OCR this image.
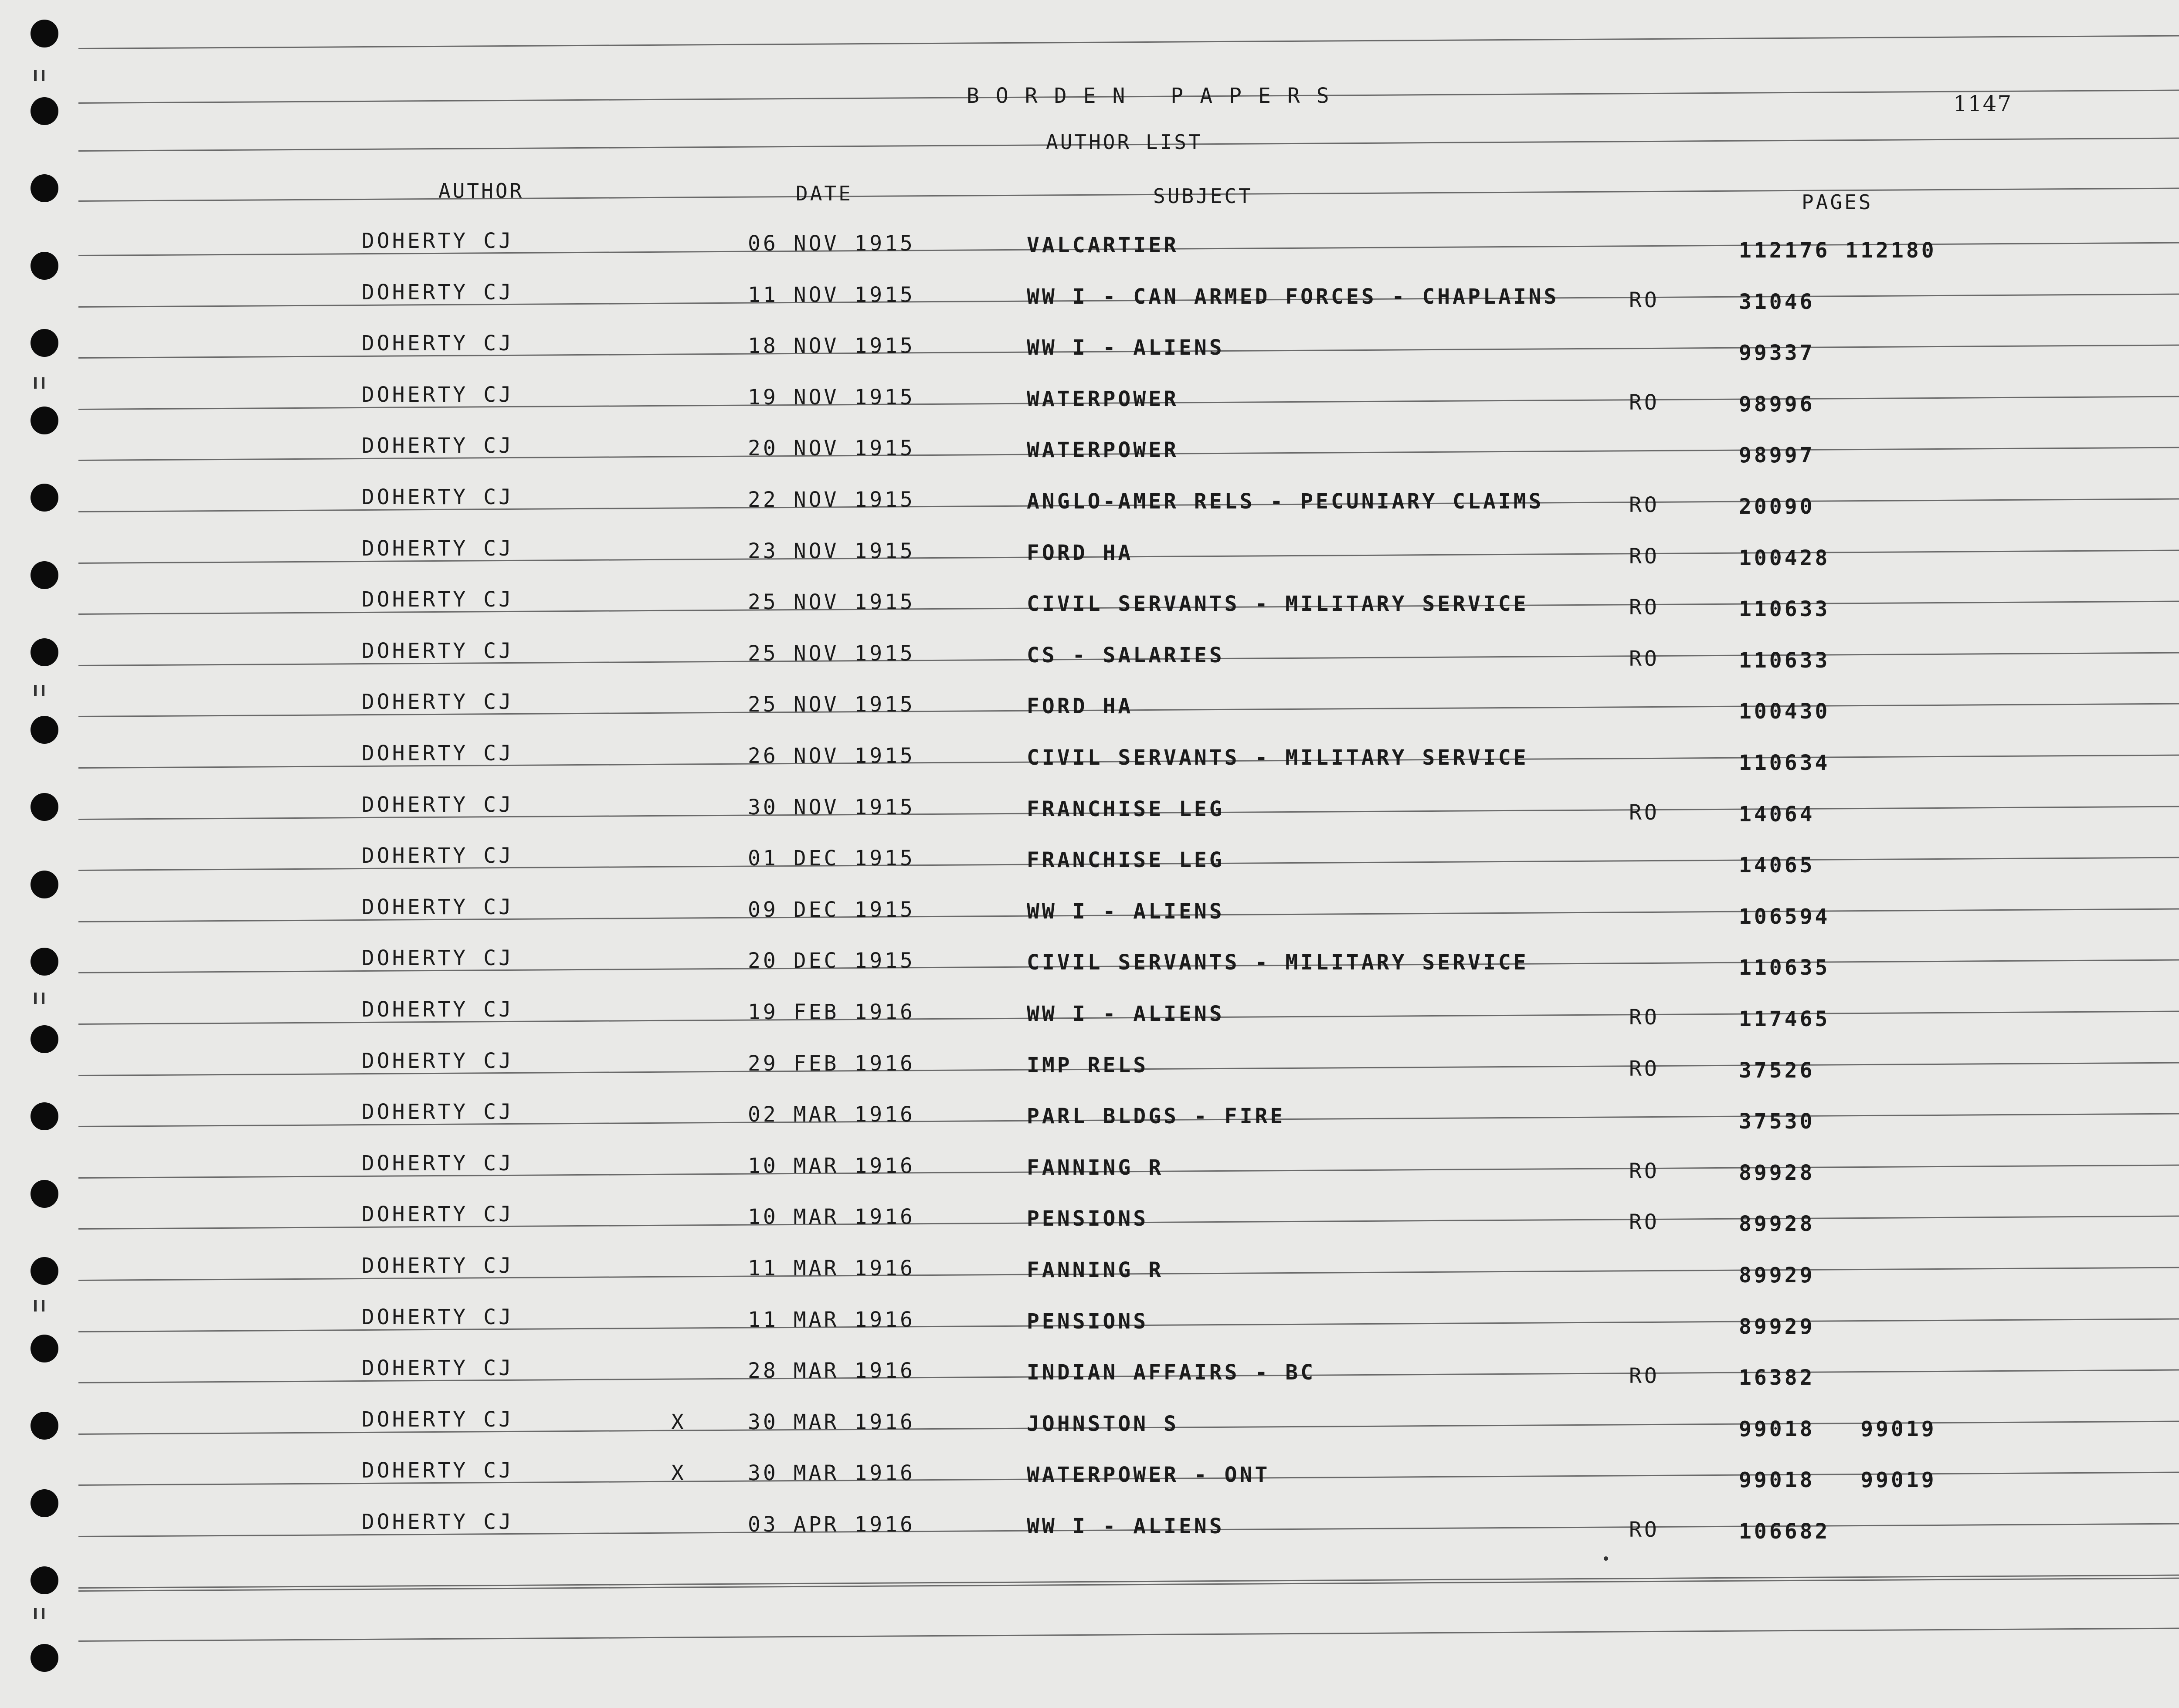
BORDEN PAPERS	1147
AUTHOR LIST
AUTHOR	DATE	SUBJECT	PAGES
DOHERTY CJ	06 NOV 1915	VALCARTIER	112176 112180
DOHERTY CJ	11 NOV 1915	WW I - CAN ARMED FORCES - CHAPLAINS	RO	31046
DOHERTY CJ	18 NOV 1915	WW I - ALIENS	99337
DOHERTY CJ	19 NOV 1915	WATERPOWER	RO	98996
DOHERTY CJ	20 NOV 1915	WATERPOWER	98997
DOHERTY CJ	22 NOV 1915	ANGLO-AMER RELS - PECUNIARY CLAIMS	RO	20090
DOHERTY CJ	23 NOV 1915	FORD HA	RO	100428
DOHERTY CJ	25 NOV 1915	CIVIL SERVANTS - MILITARY SERVICE	RO	110633
DOHERTY CJ	25 NOV 1915	CS - SALARIES	RO	110633
DOHERTY CJ	25 NOV 1915	FORD HA	100430
DOHERTY CJ	26 NOV 1915	CIVIL SERVANTS - MILITARY SERVICE	110634
DOHERTY CJ	30 NOV 1915	FRANCHISE LEG	RO	14064
DOHERTY CJ	01 DEC 1915	FRANCHISE LEG	14065
DOHERTY CJ	09 DEC 1915	WW I - ALIENS	106594
DOHERTY CJ	20 DEC 1915	CIVIL SERVANTS - MILITARY SERVICE	110635
DOHERTY CJ	19 FEB 1916	WW I - ALIENS	RO	117465
DOHERTY CJ	29 FEB 1916	IMP RELS	RO	37526
DOHERTY CJ	02 MAR 1916	PARL BLDGS - FIRE	37530
DOHERTY CJ	10 MAR 1916	FANNING R	RO	89928
DOHERTY CJ	10 MAR 1916	PENSIONS	RO	89928
DOHERTY CJ	11 MAR 1916	FANNING R	89929
DOHERTY CJ	11 MAR 1916	PENSIONS	89929
DOHERTY CJ	28 MAR 1916	INDIAN AFFAIRS - BC	RO	16382
DOHERTY CJ	X	30 MAR 1916	JOHNSTON S	99018   99019
DOHERTY CJ	X	30 MAR 1916	WATERPOWER - ONT	99018   99019
DOHERTY CJ	03 APR 1916	WW I - ALIENS	RO	106682
